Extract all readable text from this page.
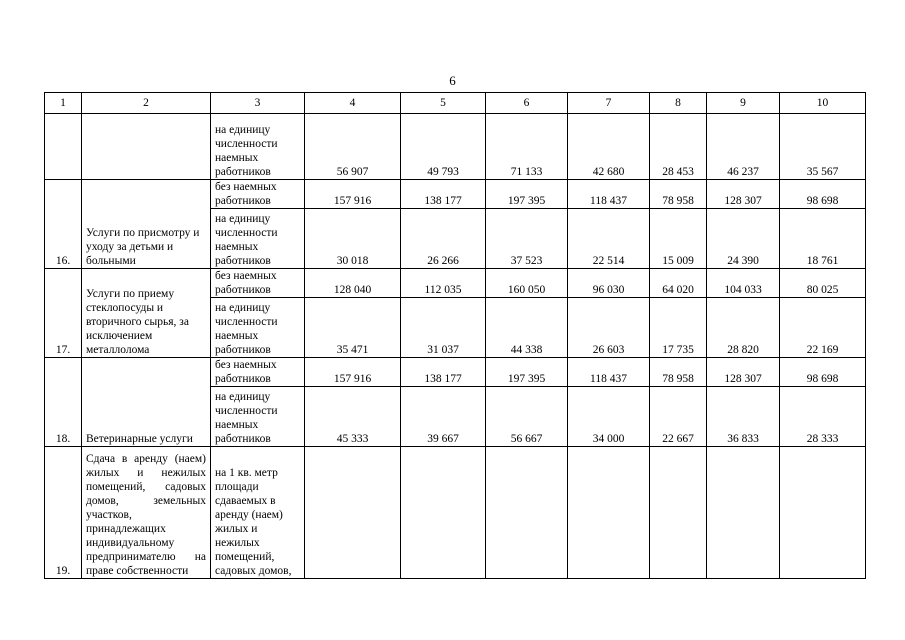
6
1	2	3	4	5	6	7	8	9	10
		на единицу численности наемных работников	56 907	49 793	71 133	42 680	28 453	46 237	35 567
16.	Услуги по присмотру и уходу за детьми и больными	без наемных работников	157 916	138 177	197 395	118 437	78 958	128 307	98 698
		на единицу численности наемных работников	30 018	26 266	37 523	22 514	15 009	24 390	18 761
17.	Услуги по приему стеклопосуды и вторичного сырья, за исключением металлолома	без наемных работников	128 040	112 035	160 050	96 030	64 020	104 033	80 025
		на единицу численности наемных работников	35 471	31 037	44 338	26 603	17 735	28 820	22 169
18.	Ветеринарные услуги	без наемных работников	157 916	138 177	197 395	118 437	78 958	128 307	98 698
		на единицу численности наемных работников	45 333	39 667	56 667	34 000	22 667	36 833	28 333
19.	Сдача в аренду (наем) жилых и нежилых помещений, садовых домов, земельных участков, принадлежащих индивидуальному предпринимателю на праве собственности	на 1 кв. метр площади сдаваемых в аренду (наем) жилых и нежилых помещений, садовых домов,							
